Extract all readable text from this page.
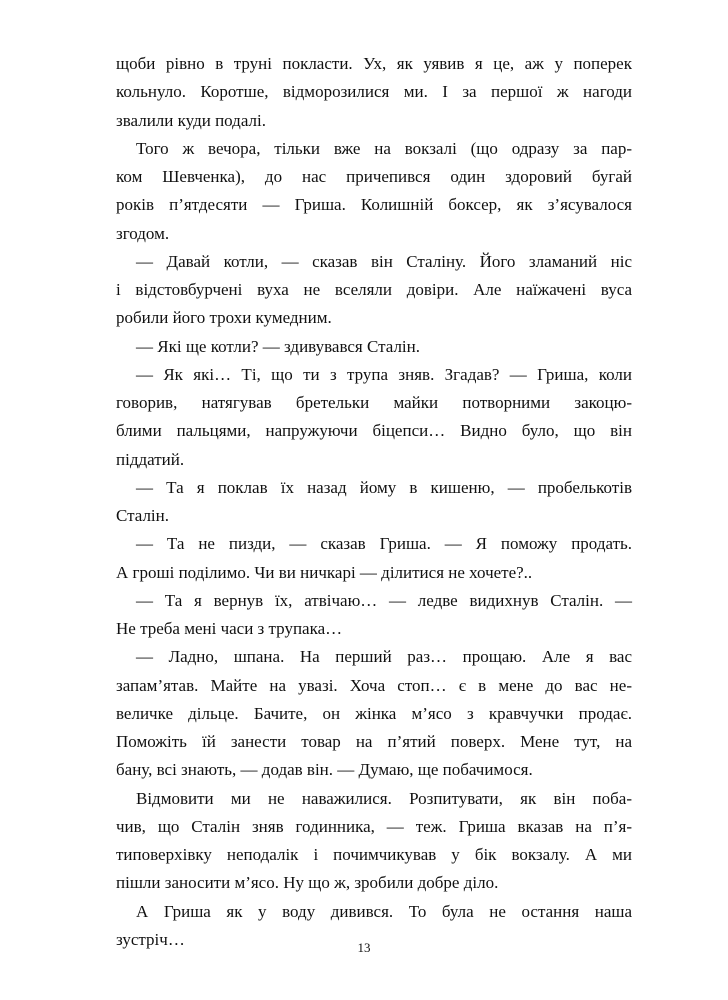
щоби рівно в труні покласти. Ух, як уявив я це, аж у поперек
кольнуло. Коротше, відморозилися ми. І за першої ж нагоди
звалили куди подалі.
Того ж вечора, тільки вже на вокзалі (що одразу за пар-
ком Шевченка), до нас причепився один здоровий бугай
років п’ятдесяти — Гриша. Колишній боксер, як з’ясувалося
згодом.
— Давай котли, — сказав він Сталіну. Його зламаний ніс
і відстовбурчені вуха не вселяли довіри. Але наїжачені вуса
робили його трохи кумедним.
— Які ще котли? — здивувався Сталін.
— Як які… Ті, що ти з трупа зняв. Згадав? — Гриша, коли
говорив, натягував бретельки майки потворними закоцю-
блими пальцями, напружуючи біцепси… Видно було, що він
піддатий.
— Та я поклав їх назад йому в кишеню, — пробелькотів
Сталін.
— Та не пизди, — сказав Гриша. — Я поможу продать.
А гроші поділимо. Чи ви ничкарі — ділитися не хочете?..
— Та я вернув їх, атвічаю… — ледве видихнув Сталін. —
Не треба мені часи з трупака…
— Ладно, шпана. На перший раз… прощаю. Але я вас
запам’ятав. Майте на увазі. Хоча стоп… є в мене до вас не-
величке дільце. Бачите, он жінка м’ясо з кравчучки продає.
Поможіть їй занести товар на п’ятий поверх. Мене тут, на
бану, всі знають, — додав він. — Думаю, ще побачимося.
Відмовити ми не наважилися. Розпитувати, як він поба-
чив, що Сталін зняв годинника, — теж. Гриша вказав на п’я-
типоверхівку неподалік і почимчикував у бік вокзалу. А ми
пішли заносити м’ясо. Ну що ж, зробили добре діло.
А Гриша як у воду дивився. То була не остання наша
зустріч…	13
